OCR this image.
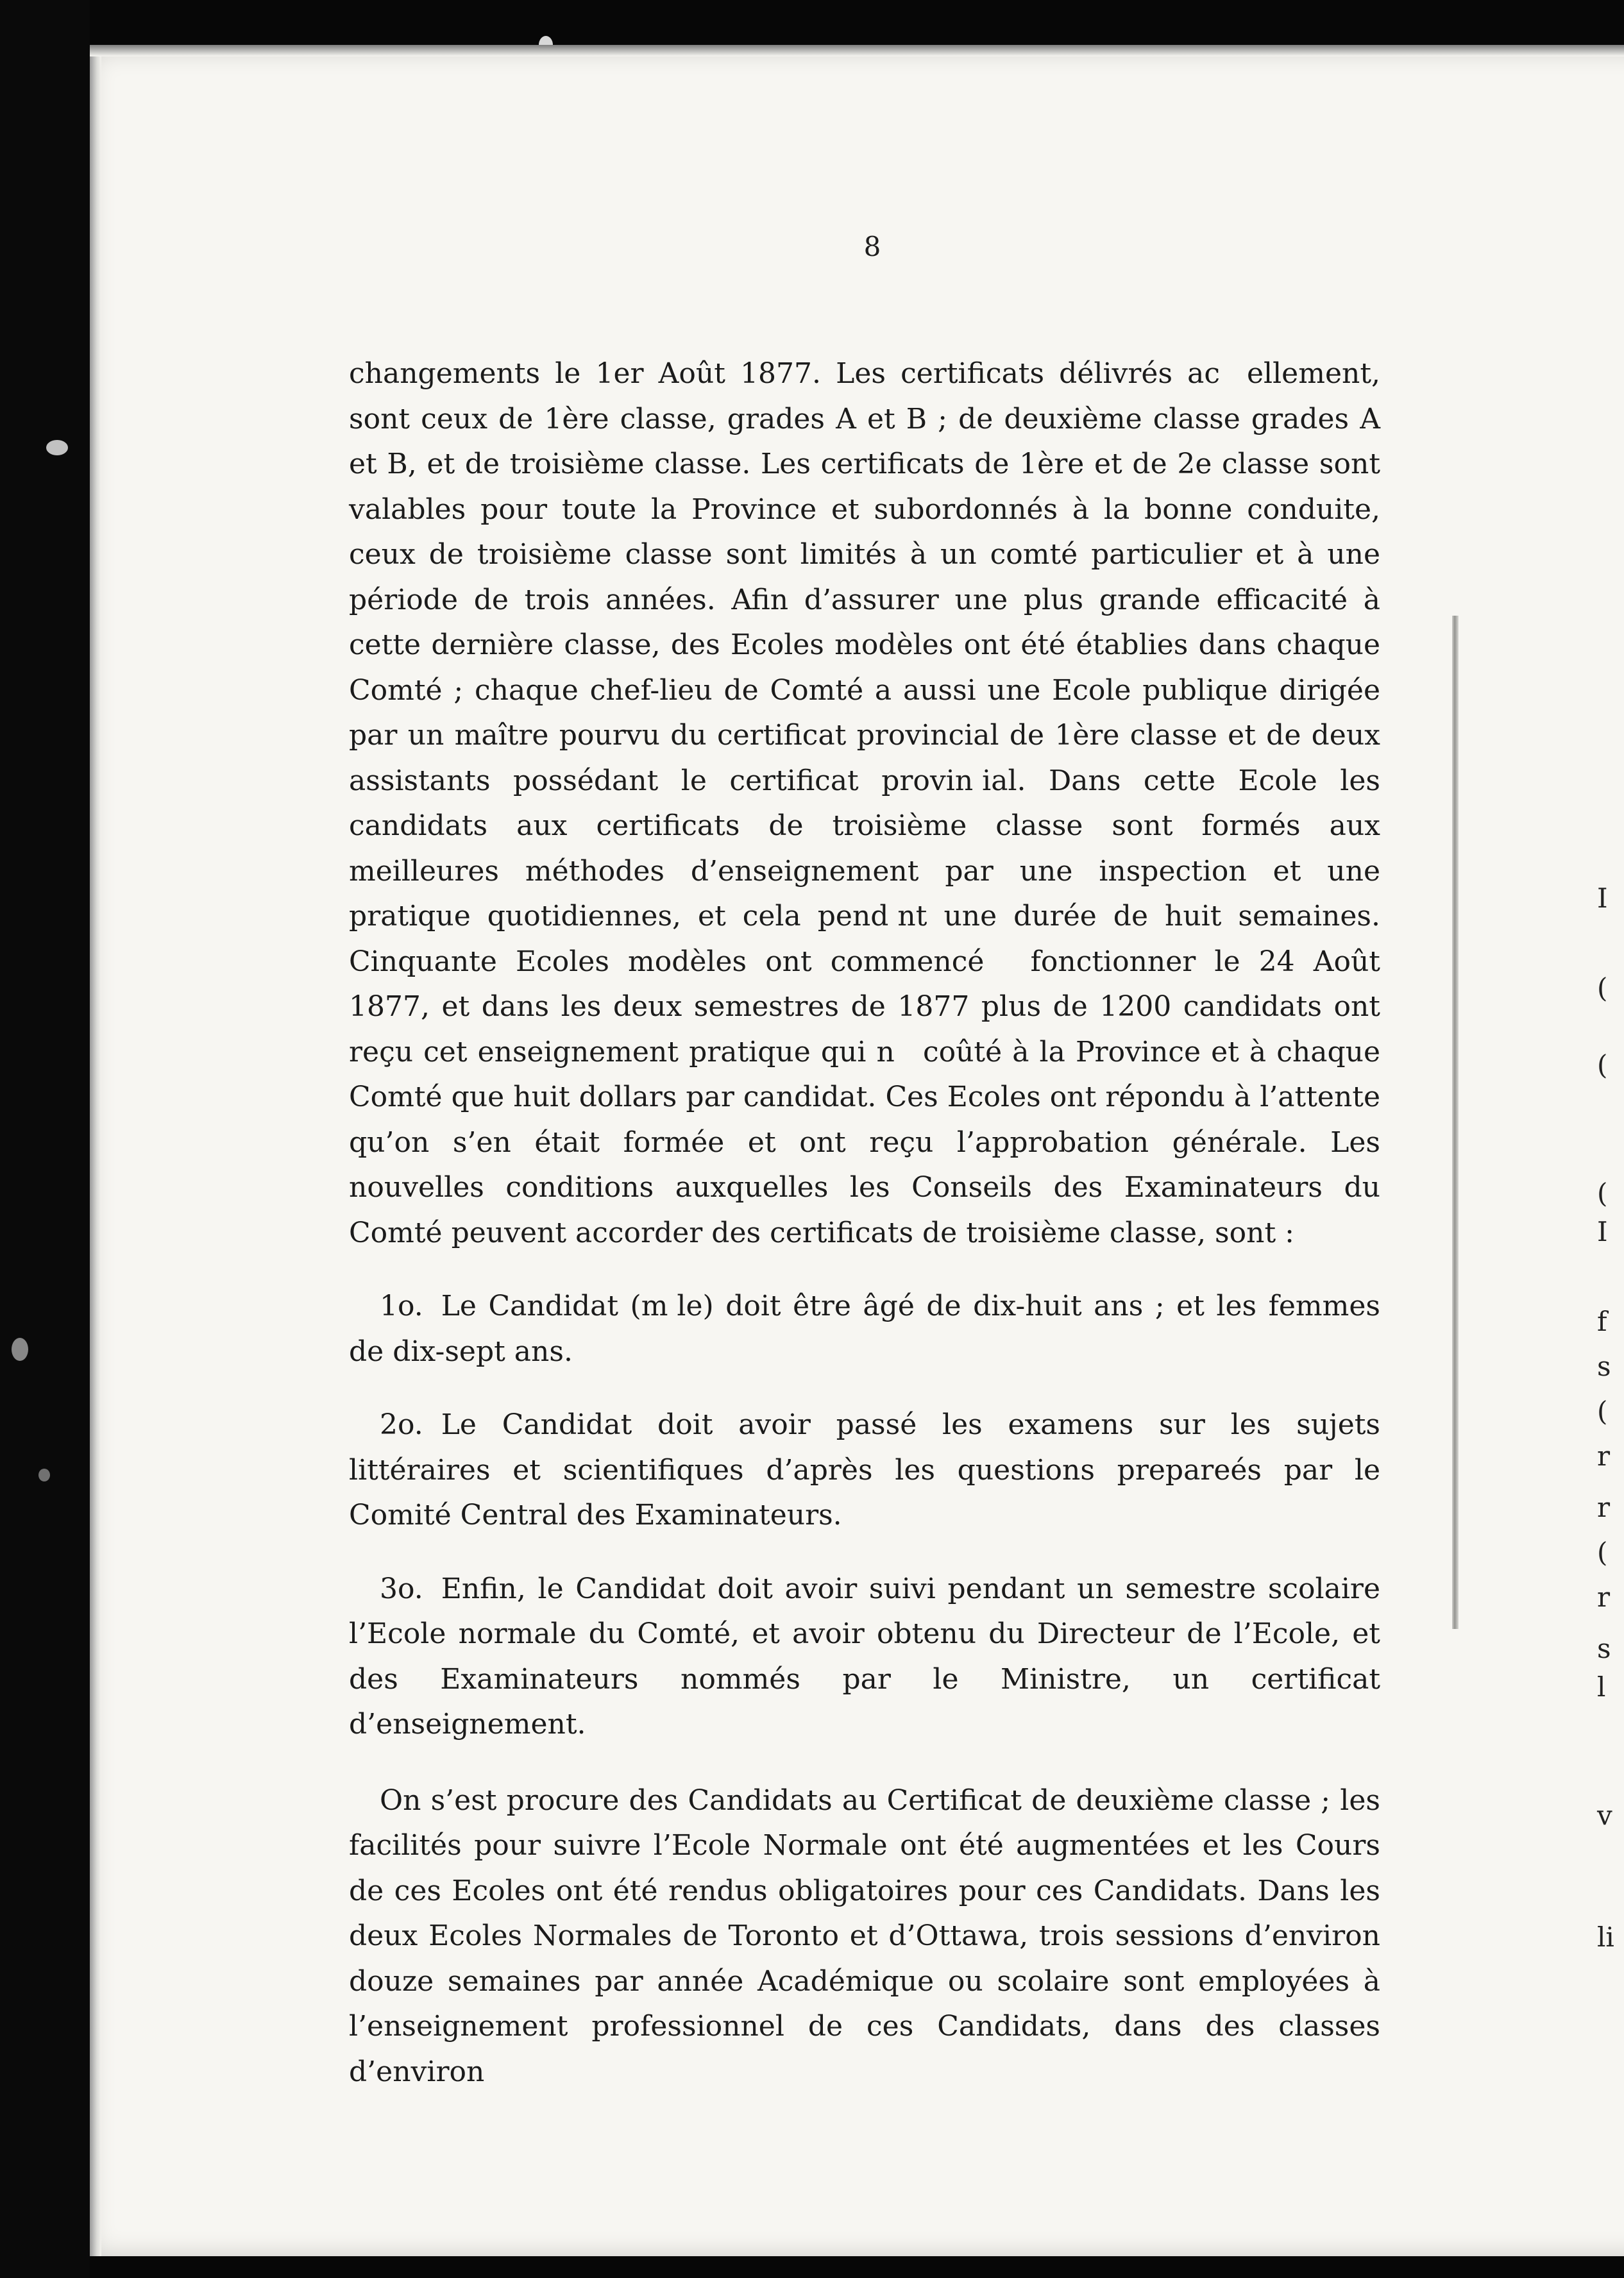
8

changements le 1er Août 1877. Les certificats délivrés ac   ellement, sont ceux de 1ère classe, grades A et B ; de deuxième classe grades A et B, et de troisième classe. Les certificats de 1ère et de 2e classe sont valables pour toute la Province et subordonnés à la bonne conduite, ceux de troisième classe sont limités à un comté particulier et à une période de trois années. Afin d’assurer une plus grande efficacité à cette dernière classe, des Ecoles modèles ont été établies dans chaque Comté ; chaque chef-lieu de Comté a aussi une Ecole publique dirigée par un maître pourvu du certificat provincial de 1ère classe et de deux assistants possédant le certificat provin ial. Dans cette Ecole les candidats aux certificats de troisième classe sont formés aux meilleures méthodes d’enseignement par une inspection et une pratique quotidiennes, et cela pend nt une durée de huit semaines. Cinquante Ecoles modèles ont commencé   fonctionner le 24 Août 1877, et dans les deux semestres de 1877 plus de 1200 candidats ont reçu cet enseignement pratique qui n   coûté à la Province et à chaque Comté que huit dollars par candidat. Ces Ecoles ont répondu à l’attente qu’on s’en était formée et ont reçu l’approbation générale. Les nouvelles conditions auxquelles les Conseils des Examinateurs du Comté peuvent accorder des certificats de troisième classe, sont :

1o. Le Candidat (m le) doit être âgé de dix-huit ans ; et les femmes de dix-sept ans.

2o. Le Candidat doit avoir passé les examens sur les sujets littéraires et scientifiques d’après les questions prepareés par le Comité Central des Examinateurs.

3o. Enfin, le Candidat doit avoir suivi pendant un semestre scolaire l’Ecole normale du Comté, et avoir obtenu du Directeur de l’Ecole, et des Examinateurs nommés par le Ministre, un certificat d’enseignement.

On s’est procure des Candidats au Certificat de deuxième classe ; les facilités pour suivre l’Ecole Normale ont été augmentées et les Cours de ces Ecoles ont été rendus obligatoires pour ces Candidats. Dans les deux Ecoles Normales de Toronto et d’Ottawa, trois sessions d’environ douze semaines par année Académique ou scolaire sont employées à l’enseignement professionnel de ces Candidats, dans des classes d’environ

I
(
(
I
(
f
s
(
r
r
(
r
s
l
v
li
